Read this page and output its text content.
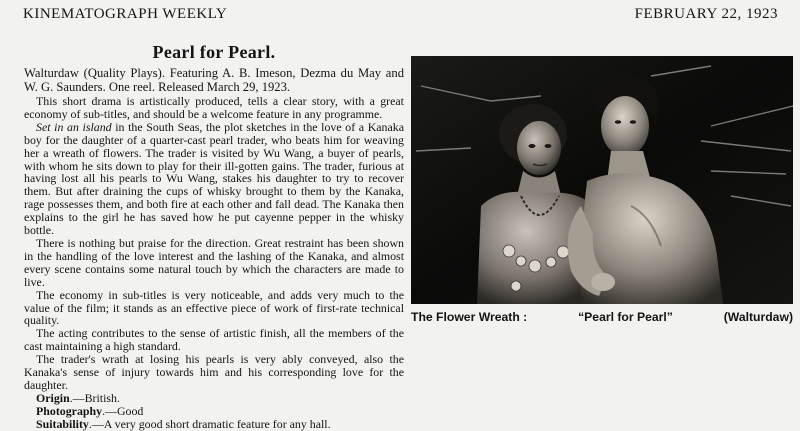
KINEMATOGRAPH WEEKLY	FEBRUARY 22, 1923
Pearl for Pearl.

Walturdaw (Quality Plays). Featuring A. B. Imeson, Dezma du May and W. G. Saunders. One reel. Released March 29, 1923.

This short drama is artistically produced, tells a clear story, with a great economy of sub-titles, and should be a welcome feature in any programme.

Set in an island in the South Seas, the plot sketches in the love of a Kanaka boy for the daughter of a quarter-cast pearl trader, who beats him for weaving her a wreath of flowers. The trader is visited by Wu Wang, a buyer of pearls, with whom he sits down to play for their ill-gotten gains. The trader, furious at having lost all his pearls to Wu Wang, stakes his daughter to try to recover them. But after draining the cups of whisky brought to them by the Kanaka, rage possesses them, and both fire at each other and fall dead. The Kanaka then explains to the girl he has saved how he put cayenne pepper in the whisky bottle.

There is nothing but praise for the direction. Great restraint has been shown in the handling of the love interest and the lashing of the Kanaka, and almost every scene contains some natural touch by which the characters are made to live.

The economy in sub-titles is very noticeable, and adds very much to the value of the film; it stands as an effective piece of work of first-rate technical quality.

The acting contributes to the sense of artistic finish, all the members of the cast maintaining a high standard.

The trader's wrath at losing his pearls is very ably conveyed, also the Kanaka's sense of injury towards him and his corresponding love for the daughter.

Origin.—British.

Photography.—Good

Suitability.—A very good short dramatic feature for any hall.

The Flower Wreath :	“Pearl for Pearl”	(Walturdaw)
